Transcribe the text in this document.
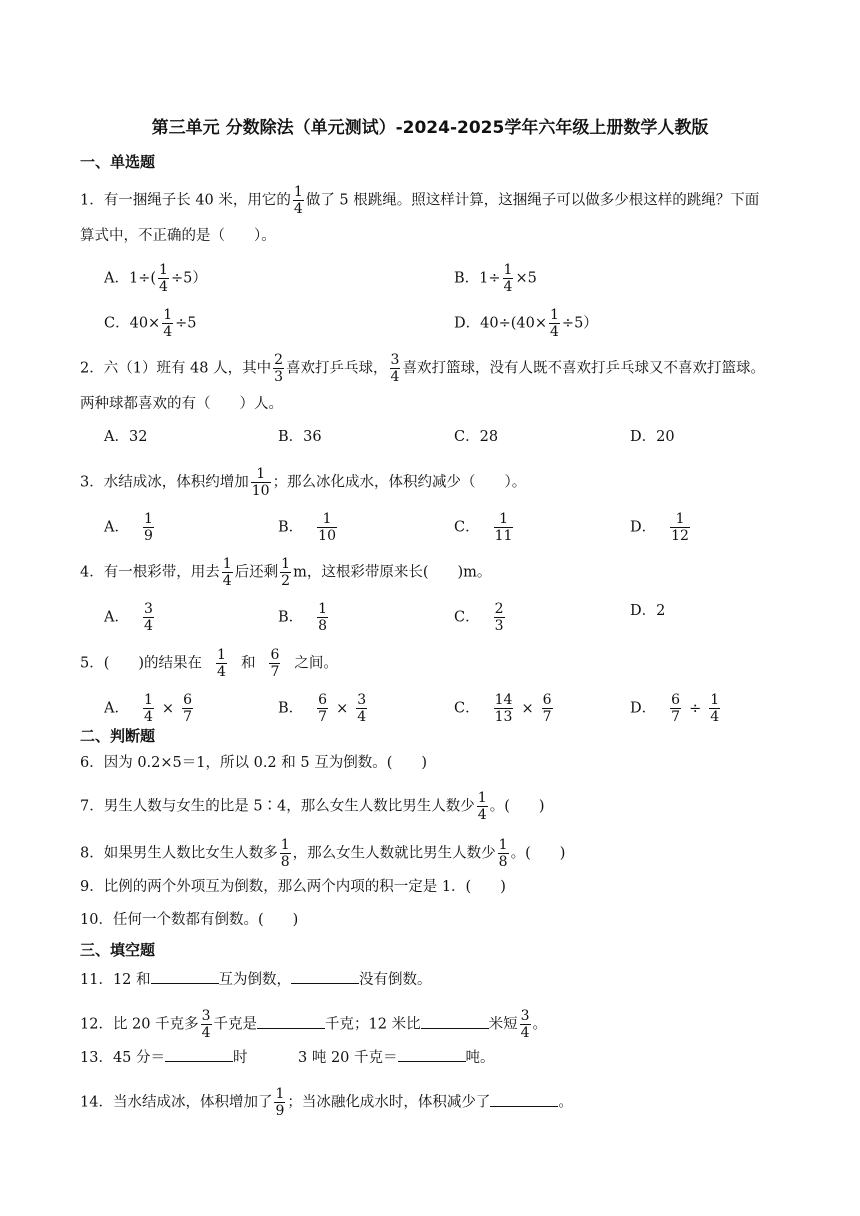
第三单元 分数除法（单元测试）-2024-2025学年六年级上册数学人教版
一、单选题
1．有一捆绳子长 40 米，用它的 $\frac{1}{4}$ 做了 5 根跳绳。照这样计算，这捆绳子可以做多少根这样的跳绳？下面
算式中，不正确的是（　　）。
A．$1\div( \frac{1}{4} \div 5)$	B．$1\div \frac{1}{4} \times 5$
C．$40\times \frac{1}{4} \div 5$	D．$40\div(40\times \frac{1}{4} \div 5)$
2．六（1）班有 48 人，其中 $\frac{2}{3}$ 喜欢打乒乓球， $\frac{3}{4}$ 喜欢打篮球，没有人既不喜欢打乒乓球又不喜欢打篮球。
两种球都喜欢的有（　　）人。
A．32	B．36	C．28	D．20
3．水结成冰，体积约增加 $\frac{1}{10}$ ；那么冰化成水，体积约减少（　　）。
A． $\frac{1}{9}$	B． $\frac{1}{10}$	C． $\frac{1}{11}$	D． $\frac{1}{12}$
4．有一根彩带，用去 $\frac{1}{4}$ 后还剩 $\frac{1}{2}$ m，这根彩带原来长(　　)m。
A． $\frac{3}{4}$	B． $\frac{1}{8}$	C． $\frac{2}{3}$	D．2
5．(　　)的结果在 $\frac{1}{4}$ 和 $\frac{6}{7}$ 之间。
A． $\frac{1}{4} \times \frac{6}{7}$	B． $\frac{6}{7} \times \frac{3}{4}$	C． $\frac{14}{13} \times \frac{6}{7}$	D． $\frac{6}{7} \div \frac{1}{4}$
二、判断题
6．因为 0.2×5＝1，所以 0.2 和 5 互为倒数。(　　)
7．男生人数与女生的比是 5∶4，那么女生人数比男生人数少 $\frac{1}{4}$ 。(　　)
8．如果男生人数比女生人数多 $\frac{1}{8}$ ，那么女生人数就比男生人数少 $\frac{1}{8}$ 。(　　)
9．比例的两个外项互为倒数，那么两个内项的积一定是 1．(　　)
10．任何一个数都有倒数。(　　)
三、填空题
11．12 和	互为倒数，	没有倒数。
12．比 20 千克多 $\frac{3}{4}$ 千克是	千克；12 米比	米短 $\frac{3}{4}$ 。
13．45 分＝	时	3 吨 20 千克＝	吨。
14．当水结成冰，体积增加了 $\frac{1}{9}$ ；当冰融化成水时，体积减少了	。
